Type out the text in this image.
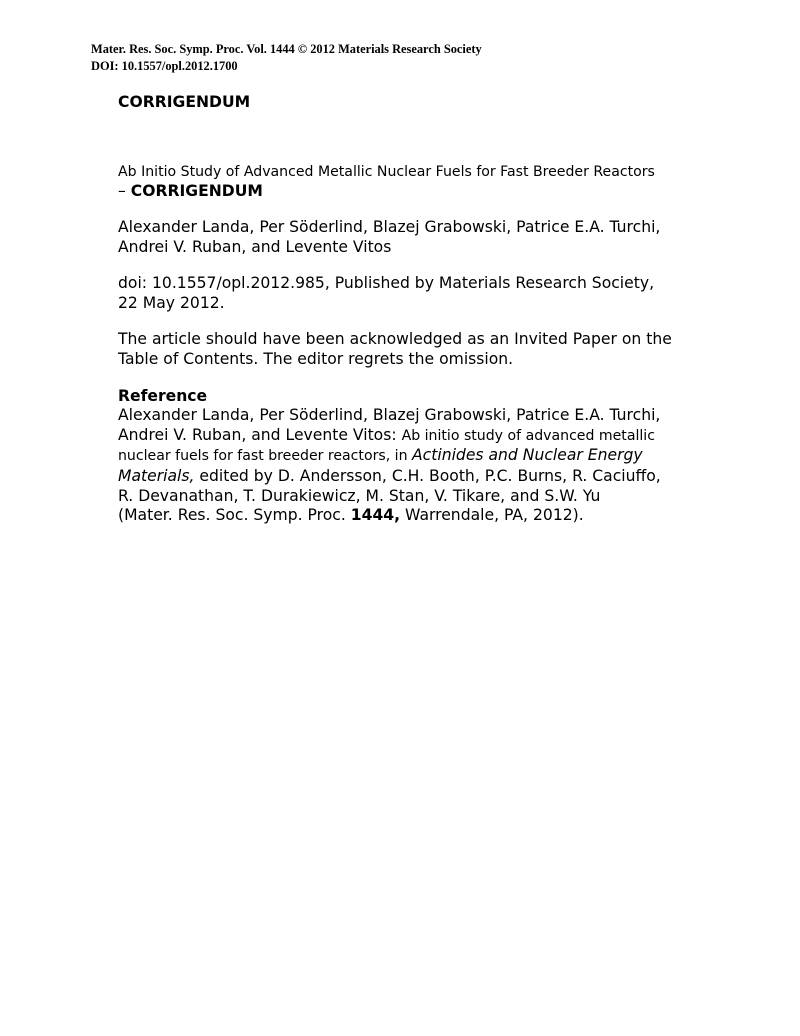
Mater. Res. Soc. Symp. Proc. Vol. 1444 © 2012 Materials Research Society
DOI: 10.1557/opl.2012.1700
CORRIGENDUM
Ab Initio Study of Advanced Metallic Nuclear Fuels for Fast Breeder Reactors
– CORRIGENDUM
Alexander Landa, Per Söderlind, Blazej Grabowski, Patrice E.A. Turchi,
Andrei V. Ruban, and Levente Vitos
doi: 10.1557/opl.2012.985, Published by Materials Research Society,
22 May 2012.
The article should have been acknowledged as an Invited Paper on the
Table of Contents. The editor regrets the omission.
Reference
Alexander Landa, Per Söderlind, Blazej Grabowski, Patrice E.A. Turchi,
Andrei V. Ruban, and Levente Vitos: Ab initio study of advanced metallic
nuclear fuels for fast breeder reactors, in Actinides and Nuclear Energy
Materials, edited by D. Andersson, C.H. Booth, P.C. Burns, R. Caciuffo,
R. Devanathan, T. Durakiewicz, M. Stan, V. Tikare, and S.W. Yu
(Mater. Res. Soc. Symp. Proc. 1444, Warrendale, PA, 2012).
